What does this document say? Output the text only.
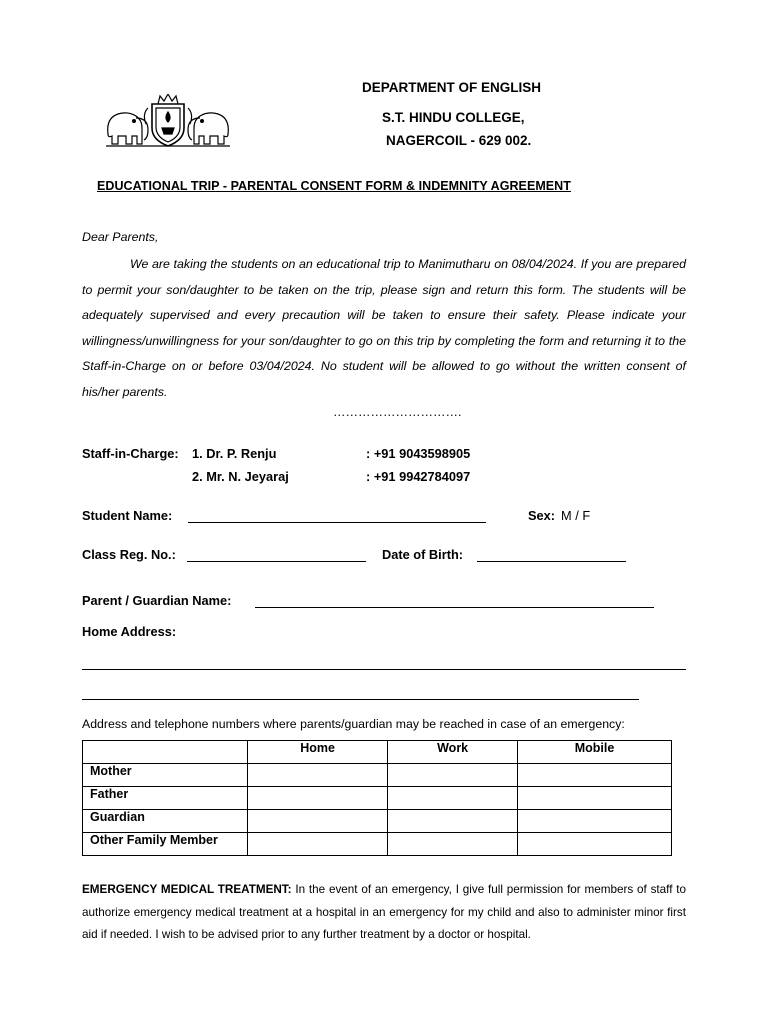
DEPARTMENT OF ENGLISH
S.T. HINDU COLLEGE,
NAGERCOIL - 629 002.
EDUCATIONAL TRIP - PARENTAL CONSENT FORM & INDEMNITY AGREEMENT
Dear Parents,
We are taking the students on an educational trip to Manimutharu on 08/04/2024. If you are prepared to permit your son/daughter to be taken on the trip, please sign and return this form. The students will be adequately supervised and every precaution will be taken to ensure their safety. Please indicate your willingness/unwillingness for your son/daughter to go on this trip by completing the form and returning it to the Staff-in-Charge on or before 03/04/2024. No student will be allowed to go without the written consent of his/her parents.
………………………….
Staff-in-Charge: 1. Dr. P. Renju	: +91 9043598905
2. Mr. N. Jeyaraj	: +91 9942784097
Student Name:	Sex: M / F
Class Reg. No.:	Date of Birth:
Parent / Guardian Name:
Home Address:
Address and telephone numbers where parents/guardian may be reached in case of an emergency:
	Home	Work	Mobile
Mother			
Father			
Guardian			
Other Family Member			
EMERGENCY MEDICAL TREATMENT: In the event of an emergency, I give full permission for members of staff to authorize emergency medical treatment at a hospital in an emergency for my child and also to administer minor first aid if needed. I wish to be advised prior to any further treatment by a doctor or hospital.
